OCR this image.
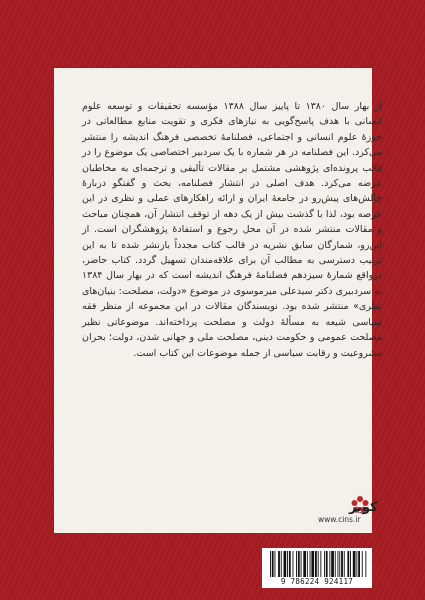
از بهار سال ۱۳۸۰ تا پاییز سال ۱۳۸۸ مؤسسه تحقیقات و توسعه علوم انسانی با هدف پاسخ‌گویی به نیازهای فکری و تقویت منابع مطالعاتی در حوزهٔ علوم انسانی و اجتماعی، فصلنامهٔ تخصصی فرهنگ اندیشه را منتشر می‌کرد. این فصلنامه در هر شماره با یک سردبیر اختصاصی یک موضوع را در قالب پرونده‌ای پژوهشی مشتمل بر مقالات تألیفی و ترجمه‌ای به مخاطبان عرضه می‌کرد. هدف اصلی در انتشار فصلنامه، بحث و گفتگو دربارهٔ چالش‌های پیش‌رو در جامعهٔ ایران و ارائه راهکارهای عملی و نظری در این عرصه بود، لذا با گذشت بیش از یک دهه از توقف انتشار آن، همچنان مباحث و مقالات منتشر شده در آن محل رجوع و استفادهٔ پژوهشگران است. از این‌رو، شمارگان سابق نشریه در قالب کتاب مجدداً بازنشر شده تا به این ترتیب دسترسی به مطالب آن برای علاقه‌مندان تسهیل گردد. کتاب حاضر، درواقع شمارهٔ سیزدهم فصلنامهٔ فرهنگ اندیشه است که در بهار سال ۱۳۸۴ به سردبیری دکتر سیدعلی میرموسوی در موضوع «دولت، مصلحت: بنیان‌های نظری» منتشر شده بود. نویسندگان مقالات در این مجموعه از منظر فقه سیاسی شیعه به مسألهٔ دولت و مصلحت پرداخته‌اند. موضوعاتی نظیر مصلحت عمومی و حکومت دینی، مصلحت ملی و جهانی شدن، دولت؛ بحران مشروعیت و رقابت سیاسی از جمله موضوعات این کتاب است.

کویر
www.cins.ir
9 786224 924117
